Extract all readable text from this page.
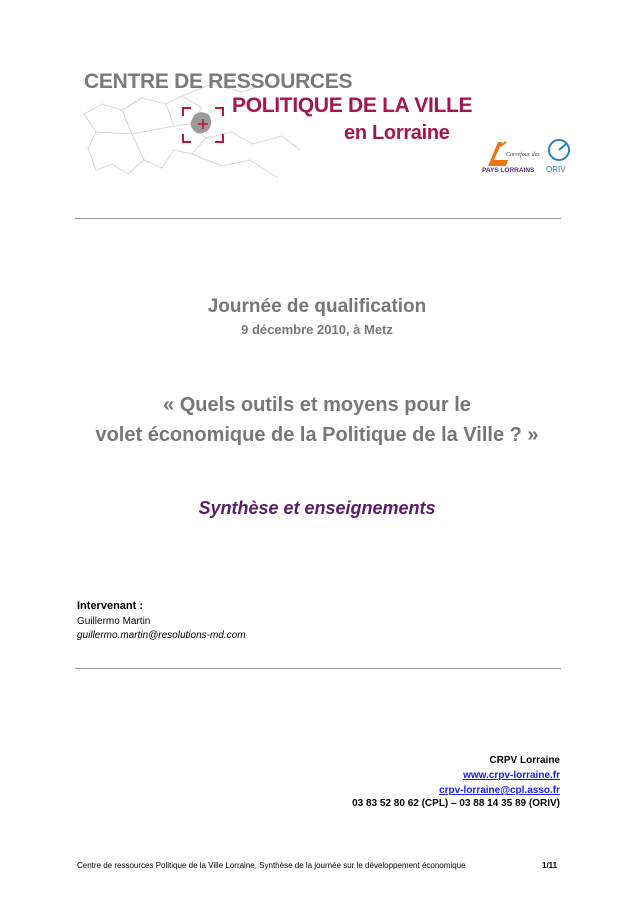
CENTRE DE RESSOURCES
POLITIQUE DE LA VILLE
en Lorraine
Carrefour des
PAYS LORRAINS ORIV
Journée de qualification
9 décembre 2010, à Metz
« Quels outils et moyens pour le
volet économique de la Politique de la Ville ? »
Synthèse et enseignements
Intervenant :
Guillermo Martin
guillermo.martin@resolutions-md.com
CRPV Lorraine
www.crpv-lorraine.fr
crpv-lorraine@cpl.asso.fr
03 83 52 80 62 (CPL) – 03 88 14 35 89 (ORIV)
Centre de ressources Politique de la Ville Lorraine, Synthèse de la journée sur le développement économique	1/11
